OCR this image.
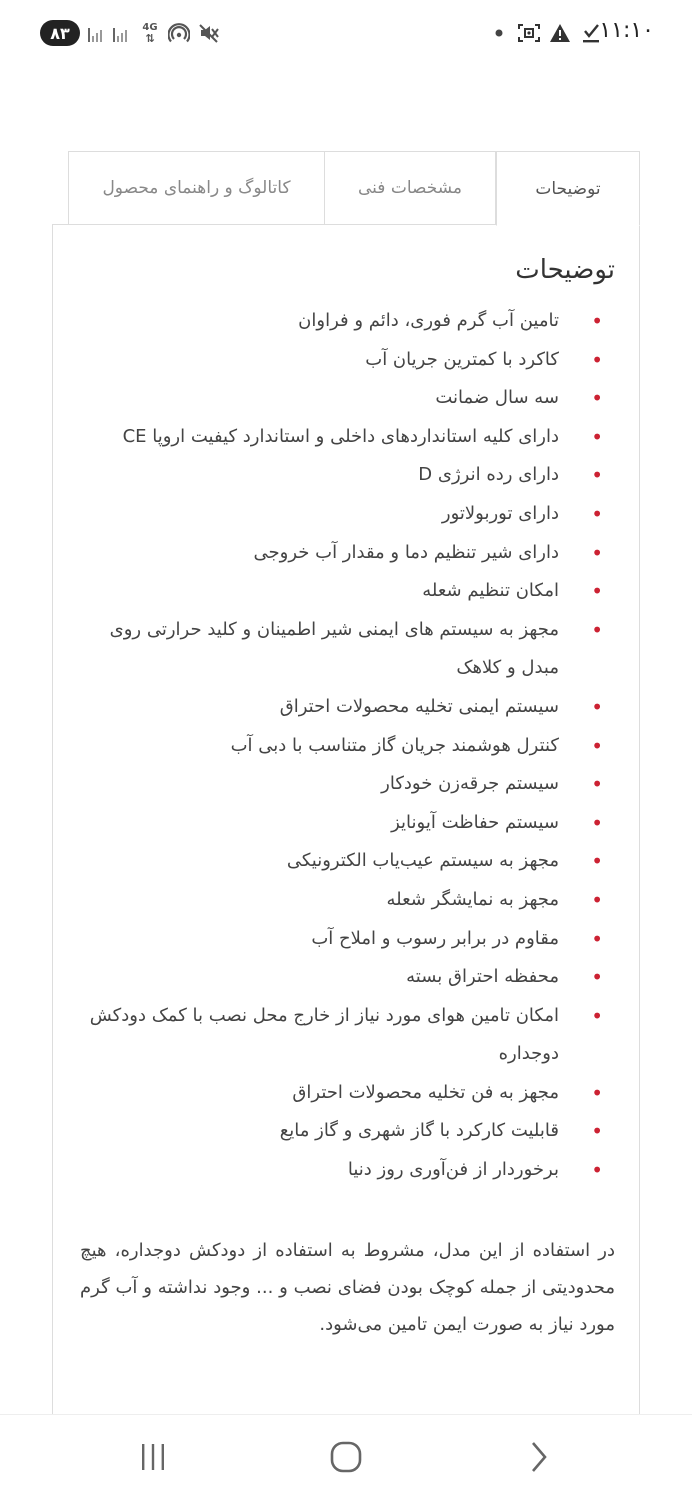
۸۳	4G
⇅	۱۱:۱۰
توضیحات
مشخصات فنی
کاتالوگ و راهنمای محصول
توضیحات
•
تامین آب گرم فوری، دائم و فراوان
•
کاکرد با کمترین جریان آب
•
سه سال ضمانت
•
دارای کلیه استانداردهای داخلی و استاندارد کیفیت اروپا CE
•
دارای رده انرژی D
•
دارای توربولاتور
•
دارای شیر تنظیم دما و مقدار آب خروجی
•
امکان تنظیم شعله
•
مجهز به سیستم های ایمنی شیر اطمینان و کلید حرارتی روی مبدل و کلاهک
•
سیستم ایمنی تخلیه محصولات احتراق
•
کنترل هوشمند جریان گاز متناسب با دبی آب
•
سیستم جرقه‌زن خودکار
•
سیستم حفاظت آیونایز
•
مجهز به سیستم عیب‌یاب الکترونیکی
•
مجهز به نمایشگر شعله
•
مقاوم در برابر رسوب و املاح آب
•
محفظه احتراق بسته
•
امکان تامین هوای مورد نیاز از خارج محل نصب با کمک دودکش دوجداره
•
مجهز به فن تخلیه محصولات احتراق
•
قابلیت کارکرد با گاز شهری و گاز مایع
•
برخوردار از فن‌آوری روز دنیا

در استفاده از این مدل، مشروط به استفاده از دودکش دوجداره، هیچ محدودیتی از جمله کوچک بودن فضای نصب و ... وجود نداشته و آب گرم مورد نیاز به صورت ایمن تامین می‌شود.
